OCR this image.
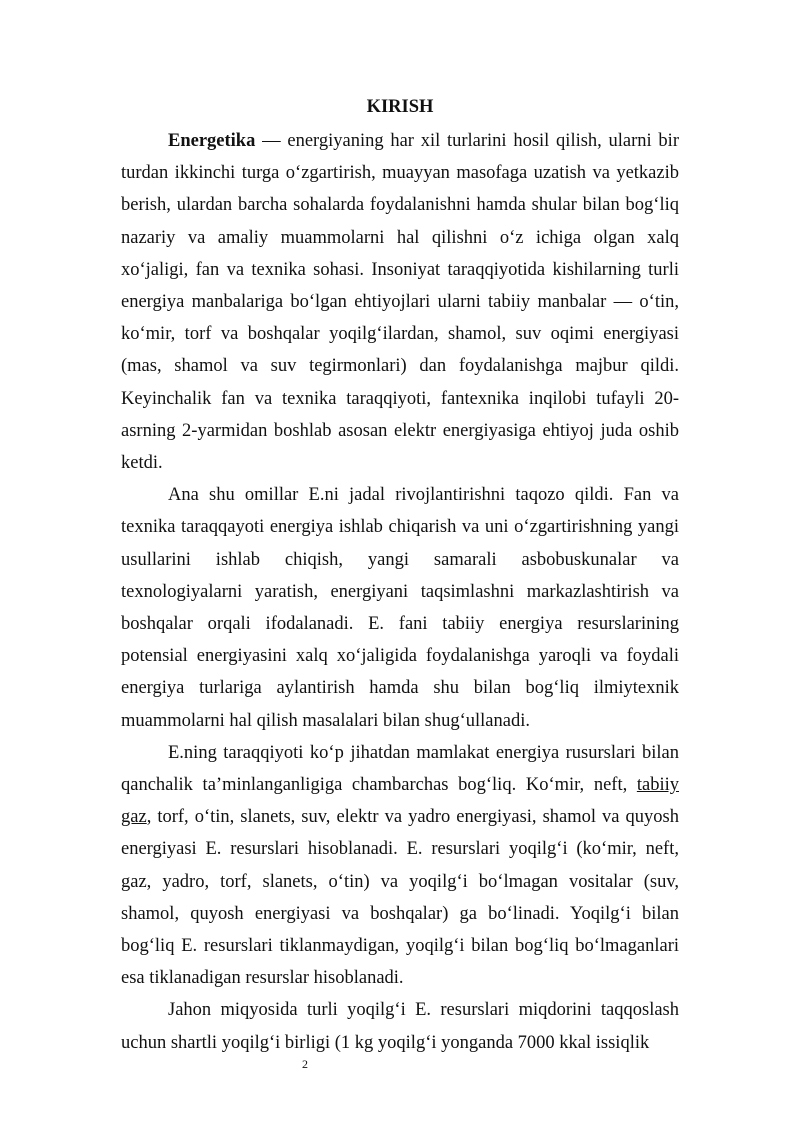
KIRISH

Energetika — energiyaning har xil turlarini hosil qilish, ularni bir turdan ikkinchi turga o‘zgartirish, muayyan masofaga uzatish va yetkazib berish, ulardan barcha sohalarda foydalanishni hamda shular bilan bog‘liq nazariy va amaliy muammolarni hal qilishni o‘z ichiga olgan xalq xo‘jaligi, fan va texnika sohasi. Insoniyat taraqqiyotida kishilarning turli energiya manbalariga bo‘lgan ehtiyojlari ularni tabiiy manbalar — o‘tin, ko‘mir, torf va boshqalar yoqilg‘ilardan, shamol, suv oqimi energiyasi (mas, shamol va suv tegirmonlari) dan foydalanishga majbur qildi. Keyinchalik fan va texnika taraqqiyoti, fantexnika inqilobi tufayli 20-asrning 2-yarmidan boshlab asosan elektr energiyasiga ehtiyoj juda oshib ketdi.

Ana shu omillar E.ni jadal rivojlantirishni taqozo qildi. Fan va texnika taraqqayoti energiya ishlab chiqarish va uni o‘zgartirishning yangi usullarini ishlab chiqish, yangi samarali asbobuskunalar va texnologiyalarni yaratish, energiyani taqsimlashni markazlashtirish va boshqalar orqali ifodalanadi. E. fani tabiiy energiya resurslarining potensial energiyasini xalq xo‘jaligida foydalanishga yaroqli va foydali energiya turlariga aylantirish hamda shu bilan bog‘liq ilmiytexnik muammolarni hal qilish masalalari bilan shug‘ullanadi.

E.ning taraqqiyoti ko‘p jihatdan mamlakat energiya rusurslari bilan qanchalik ta’minlanganligiga chambarchas bog‘liq. Ko‘mir, neft, tabiiy gaz, torf, o‘tin, slanets, suv, elektr va yadro energiyasi, shamol va quyosh energiyasi E. resurslari hisoblanadi. E. resurslari yoqilg‘i (ko‘mir, neft, gaz, yadro, torf, slanets, o‘tin) va yoqilg‘i bo‘lmagan vositalar (suv, shamol, quyosh energiyasi va boshqalar) ga bo‘linadi. Yoqilg‘i bilan bog‘liq E. resurslari tiklanmaydigan, yoqilg‘i bilan bog‘liq bo‘lmaganlari esa tiklanadigan resurslar hisoblanadi.

Jahon miqyosida turli yoqilg‘i E. resurslari miqdorini taqqoslash uchun shartli yoqilg‘i birligi (1 kg yoqilg‘i yonganda 7000 kkal issiqlik

2
